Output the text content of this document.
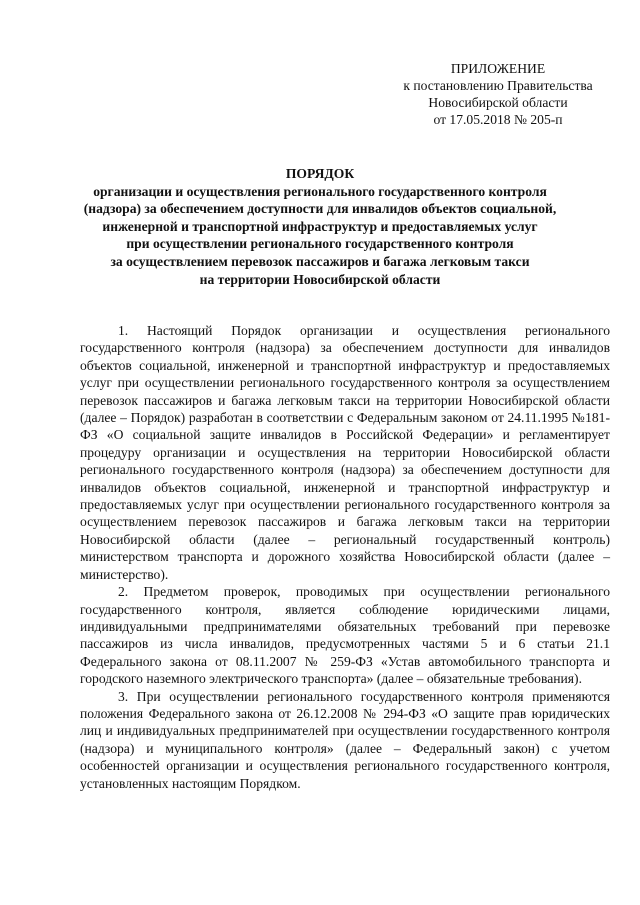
ПРИЛОЖЕНИЕ
к постановлению Правительства
Новосибирской области
от 17.05.2018 № 205-п
ПОРЯДОК
организации и осуществления регионального государственного контроля
(надзора) за обеспечением доступности для инвалидов объектов социальной,
инженерной и транспортной инфраструктур и предоставляемых услуг
при осуществлении регионального государственного контроля
за осуществлением перевозок пассажиров и багажа легковым такси
на территории Новосибирской области

1. Настоящий Порядок организации и осуществления регионального государственного контроля (надзора) за обеспечением доступности для инвалидов объектов социальной, инженерной и транспортной инфраструктур и предоставляемых услуг при осуществлении регионального государственного контроля за осуществлением перевозок пассажиров и багажа легковым такси на территории Новосибирской области (далее – Порядок) разработан в соответствии с Федеральным законом от 24.11.1995 №181-ФЗ «О социальной защите инвалидов в Российской Федерации» и регламентирует процедуру организации и осуществления на территории Новосибирской области регионального государственного контроля (надзора) за обеспечением доступности для инвалидов объектов социальной, инженерной и транспортной инфраструктур и предоставляемых услуг при осуществлении регионального государственного контроля за осуществлением перевозок пассажиров и багажа легковым такси на территории Новосибирской области (далее – региональный государственный контроль) министерством транспорта и дорожного хозяйства Новосибирской области (далее – министерство).

2. Предметом проверок, проводимых при осуществлении регионального государственного контроля, является соблюдение юридическими лицами, индивидуальными предпринимателями обязательных требований при перевозке пассажиров из числа инвалидов, предусмотренных частями 5 и 6 статьи 21.1 Федерального закона от 08.11.2007 № 259-ФЗ «Устав автомобильного транспорта и городского наземного электрического транспорта» (далее – обязательные требования).

3. При осуществлении регионального государственного контроля применяются положения Федерального закона от 26.12.2008 № 294-ФЗ «О защите прав юридических лиц и индивидуальных предпринимателей при осуществлении государственного контроля (надзора) и муниципального контроля» (далее – Федеральный закон) с учетом особенностей организации и осуществления регионального государственного контроля, установленных настоящим Порядком.
